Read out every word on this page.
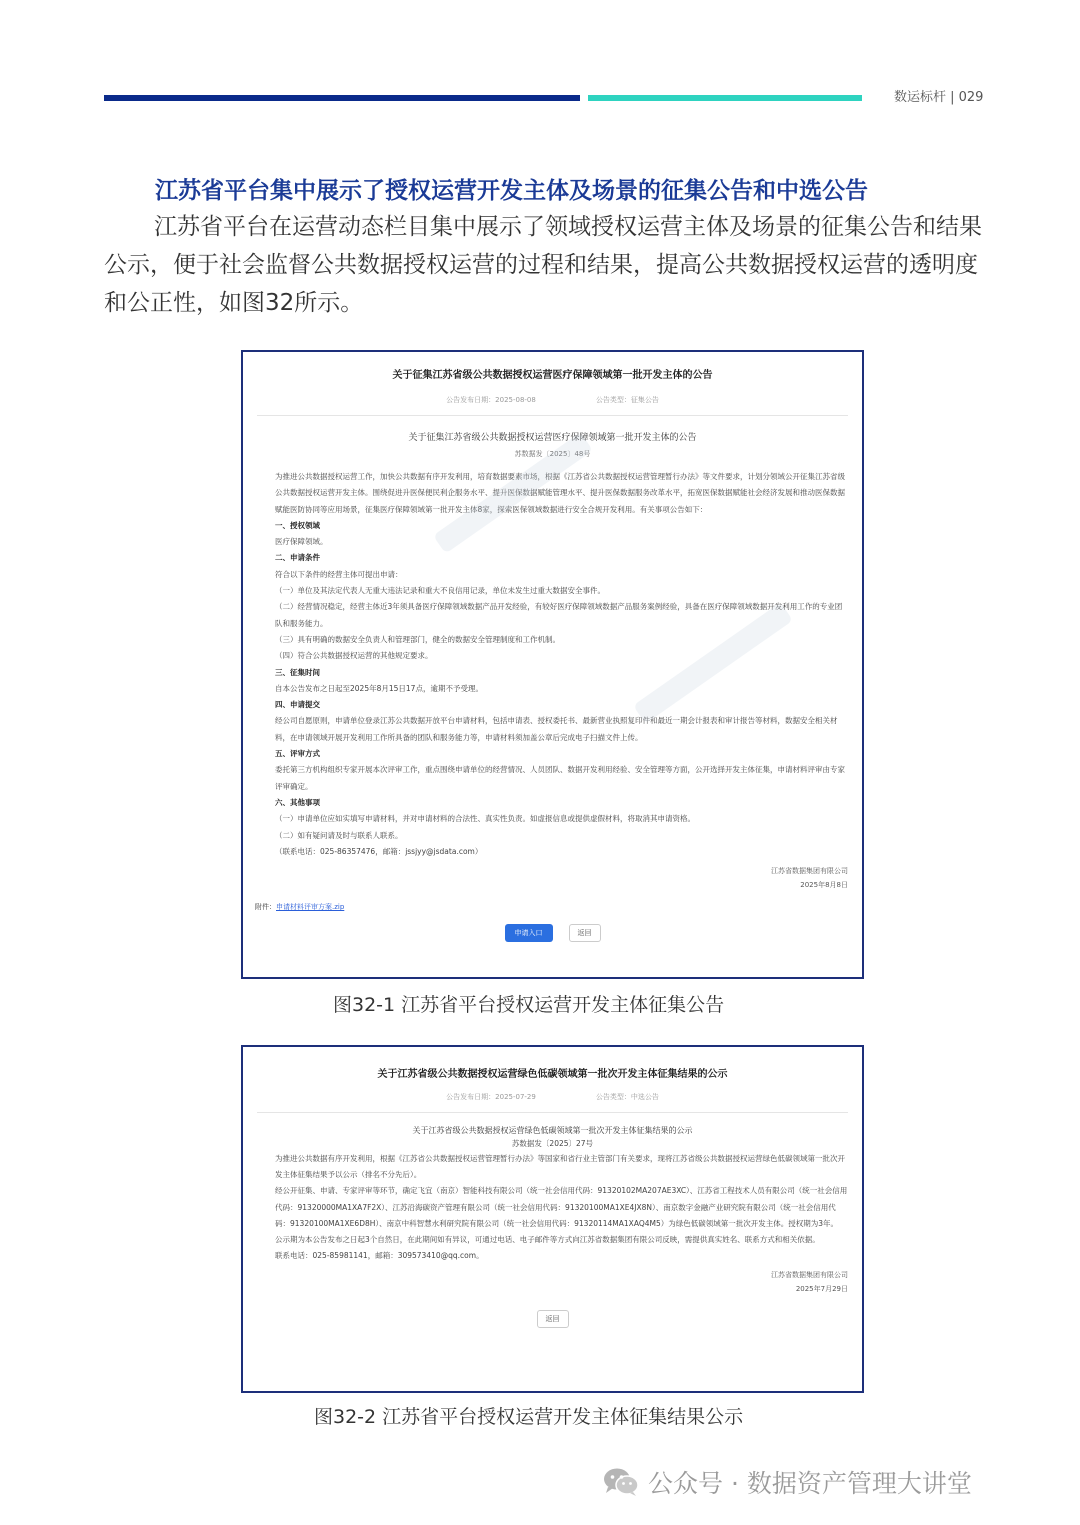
数运标杆 | 029
江苏省平台集中展示了授权运营开发主体及场景的征集公告和中选公告
江苏省平台在运营动态栏目集中展示了领域授权运营主体及场景的征集公告和结果公示，便于社会监督公共数据授权运营的过程和结果，提高公共数据授权运营的透明度和公正性，如图32所示。
关于征集江苏省级公共数据授权运营医疗保障领域第一批开发主体的公告
公告发布日期：2025-08-08	公告类型：征集公告
关于征集江苏省级公共数据授权运营医疗保障领域第一批开发主体的公告
苏数据发〔2025〕48号

为推进公共数据授权运营工作，加快公共数据有序开发利用，培育数据要素市场，根据《江苏省公共数据授权运营管理暂行办法》等文件要求，计划分领域公开征集江苏省级公共数据授权运营开发主体。围绕促进升医保便民利企服务水平、提升医保数据赋能管理水平、提升医保数据服务改革水平，拓宽医保数据赋能社会经济发展和推动医保数据赋能医防协同等应用场景，征集医疗保障领域第一批开发主体8家，探索医保领域数据进行安全合规开发利用。有关事项公告如下：

一、授权领域

医疗保障领域。

二、申请条件

符合以下条件的经营主体可提出申请：

（一）单位及其法定代表人无重大违法记录和重大不良信用记录，单位未发生过重大数据安全事件。

（二）经营情况稳定，经营主体近3年须具备医疗保障领域数据产品开发经验，有较好医疗保障领域数据产品服务案例经验，具备在医疗保障领域数据开发利用工作的专业团队和服务能力。

（三）具有明确的数据安全负责人和管理部门，健全的数据安全管理制度和工作机制。

（四）符合公共数据授权运营的其他规定要求。

三、征集时间

自本公告发布之日起至2025年8月15日17点，逾期不予受理。

四、申请提交

经公司自愿原则，申请单位登录江苏公共数据开放平台申请材料，包括申请表、授权委托书、最新营业执照复印件和最近一期会计报表和审计报告等材料，数据安全相关材料，在申请领域开展开发利用工作所具备的团队和服务能力等，申请材料须加盖公章后完成电子扫描文件上传。

五、评审方式

委托第三方机构组织专家开展本次评审工作，重点围绕申请单位的经营情况、人员团队、数据开发利用经验、安全管理等方面，公开选择开发主体征集，申请材料评审由专家评审确定。

六、其他事项

（一）申请单位应如实填写申请材料，并对申请材料的合法性、真实性负责。如虚报信息或提供虚假材料，将取消其申请资格。

（二）如有疑问请及时与联系人联系。

（联系电话：025-86357476，邮箱：jssjyy@jsdata.com）

江苏省数据集团有限公司
2025年8月8日
附件：申请材料评审方案.zip
申请入口	返回
图32-1 江苏省平台授权运营开发主体征集公告
关于江苏省级公共数据授权运营绿色低碳领域第一批次开发主体征集结果的公示
公告发布日期：2025-07-29	公告类型：中选公告
关于江苏省级公共数据授权运营绿色低碳领域第一批次开发主体征集结果的公示
苏数据发〔2025〕27号

为推进公共数据有序开发利用，根据《江苏省公共数据授权运营管理暂行办法》等国家和省行业主管部门有关要求，现将江苏省级公共数据授权运营绿色低碳领域第一批次开发主体征集结果予以公示（排名不分先后）。

经公开征集、申请、专家评审等环节，确定飞宜（南京）智能科技有限公司（统一社会信用代码：91320102MA207AE3XC）、江苏省工程技术人员有限公司（统一社会信用代码：91320000MA1XA7F2X）、江苏沿海碳资产管理有限公司（统一社会信用代码：91320100MA1XE4JX8N）、南京数字金融产业研究院有限公司（统一社会信用代码：91320100MA1XE6D8H）、南京中科智慧水利研究院有限公司（统一社会信用代码：91320114MA1XAQ4M5）为绿色低碳领域第一批次开发主体。授权期为3年。

公示期为本公告发布之日起3个自然日，在此期间如有异议，可通过电话、电子邮件等方式向江苏省数据集团有限公司反映，需提供真实姓名、联系方式和相关依据。

联系电话：025-85981141，邮箱：309573410@qq.com。

江苏省数据集团有限公司
2025年7月29日
返回
图32-2 江苏省平台授权运营开发主体征集结果公示
公众号 · 数据资产管理大讲堂
